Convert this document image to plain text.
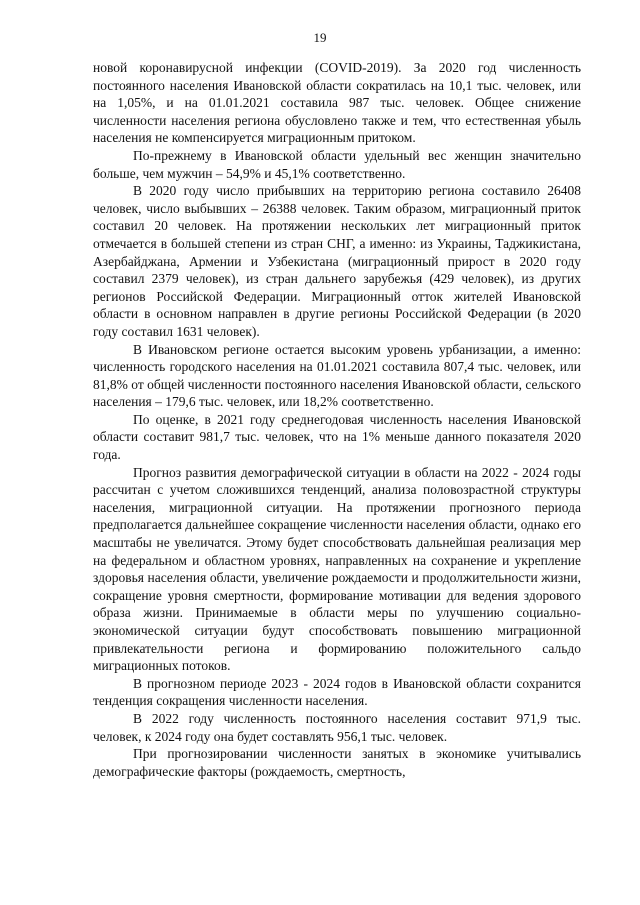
19

новой коронавирусной инфекции (COVID-2019). За 2020 год численность постоянного населения Ивановской области сократилась на 10,1 тыс. человек, или на 1,05%, и на 01.01.2021 составила 987 тыс. человек. Общее снижение численности населения региона обусловлено также и тем, что естественная убыль населения не компенсируется миграционным притоком.

По-прежнему в Ивановской области удельный вес женщин значительно больше, чем мужчин – 54,9% и 45,1% соответственно.

В 2020 году число прибывших на территорию региона составило 26408 человек, число выбывших – 26388 человек. Таким образом, миграционный приток составил 20 человек. На протяжении нескольких лет миграционный приток отмечается в большей степени из стран СНГ, а именно: из Украины, Таджикистана, Азербайджана, Армении и Узбекистана (миграционный прирост в 2020 году составил 2379 человек), из стран дальнего зарубежья (429 человек), из других регионов Российской Федерации. Миграционный отток жителей Ивановской области в основном направлен в другие регионы Российской Федерации (в 2020 году составил 1631 человек).

В Ивановском регионе остается высоким уровень урбанизации, а именно: численность городского населения на 01.01.2021 составила 807,4 тыс. человек, или 81,8% от общей численности постоянного населения Ивановской области, сельского населения – 179,6 тыс. человек, или 18,2% соответственно.

По оценке, в 2021 году среднегодовая численность населения Ивановской области составит 981,7 тыс. человек, что на 1% меньше данного показателя 2020 года.

Прогноз развития демографической ситуации в области на 2022 - 2024 годы рассчитан с учетом сложившихся тенденций, анализа половозрастной структуры населения, миграционной ситуации. На протяжении прогнозного периода предполагается дальнейшее сокращение численности населения области, однако его масштабы не увеличатся. Этому будет способствовать дальнейшая реализация мер на федеральном и областном уровнях, направленных на сохранение и укрепление здоровья населения области, увеличение рождаемости и продолжительности жизни, сокращение уровня смертности, формирование мотивации для ведения здорового образа жизни. Принимаемые в области меры по улучшению социально-экономической ситуации будут способствовать повышению миграционной привлекательности региона и формированию положительного сальдо миграционных потоков.

В прогнозном периоде 2023 - 2024 годов в Ивановской области сохранится тенденция сокращения численности населения.

В 2022 году численность постоянного населения составит 971,9 тыс. человек, к 2024 году она будет составлять 956,1 тыс. человек.

При прогнозировании численности занятых в экономике учитывались демографические факторы (рождаемость, смертность,
